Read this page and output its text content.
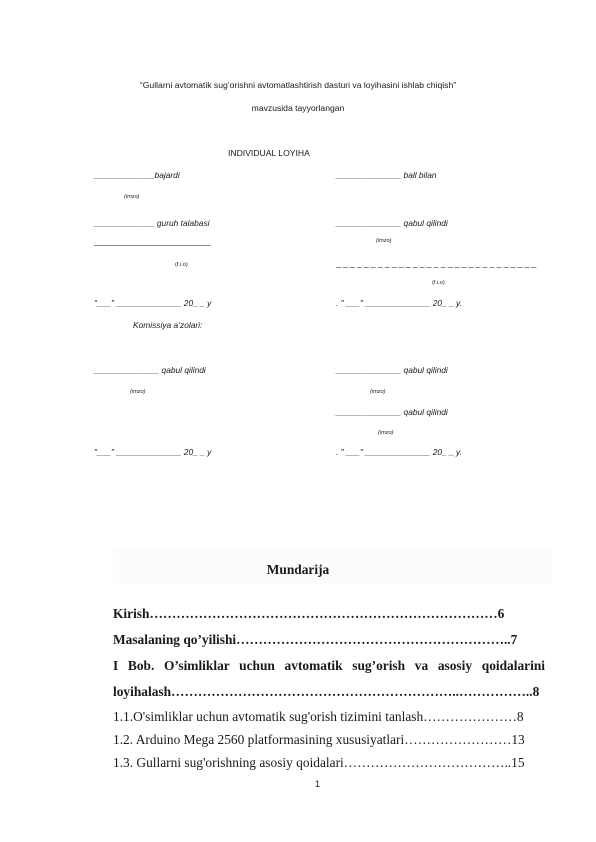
“Gullarni avtomatik sug’orishni avtomatlashtirish dasturi va loyihasini ishlab chiqish”
mavzusida tayyorlangan
INDIVIDUAL LOYIHA
_____________bajardi
(imzo)
_____________ guruh talabasi
_________________________
(f.i.o)
"___" ______________ 20_ _ y
Komissiya a’zolari:
______________ qabul qilindi
(imzo)
"___" ______________ 20_ _ y
______________ ball bilan
______________ qabul qilindi
(imzo)
_ _ _ _ _ _ _ _ _ _ _ _ _ _ _ _ _ _ _ _ _ _ _ _ _ _ _ _ _
(f.i.o)
. " ___" ______________ 20_ _ y.
______________ qabul qilindi
(imzo)
______________ qabul qilindi
(imzo)
. " ___" ______________ 20_ _ y.
Mundarija
Kirish……………………………………………………………………6
Masalaning qo’yilishi……………………………………………………..7
I Bob. O’simliklar uchun avtomatik sug’orish va asosiy qoidalarini
loyihalash………………………………………………………..……………..8
1.1.O'simliklar uchun avtomatik sug'orish tizimini tanlash…………………8
1.2. Arduino Mega 2560 platformasining xususiyatlari……………………13
1.3. Gullarni sug'orishning asosiy qoidalari………………………………..15
1
